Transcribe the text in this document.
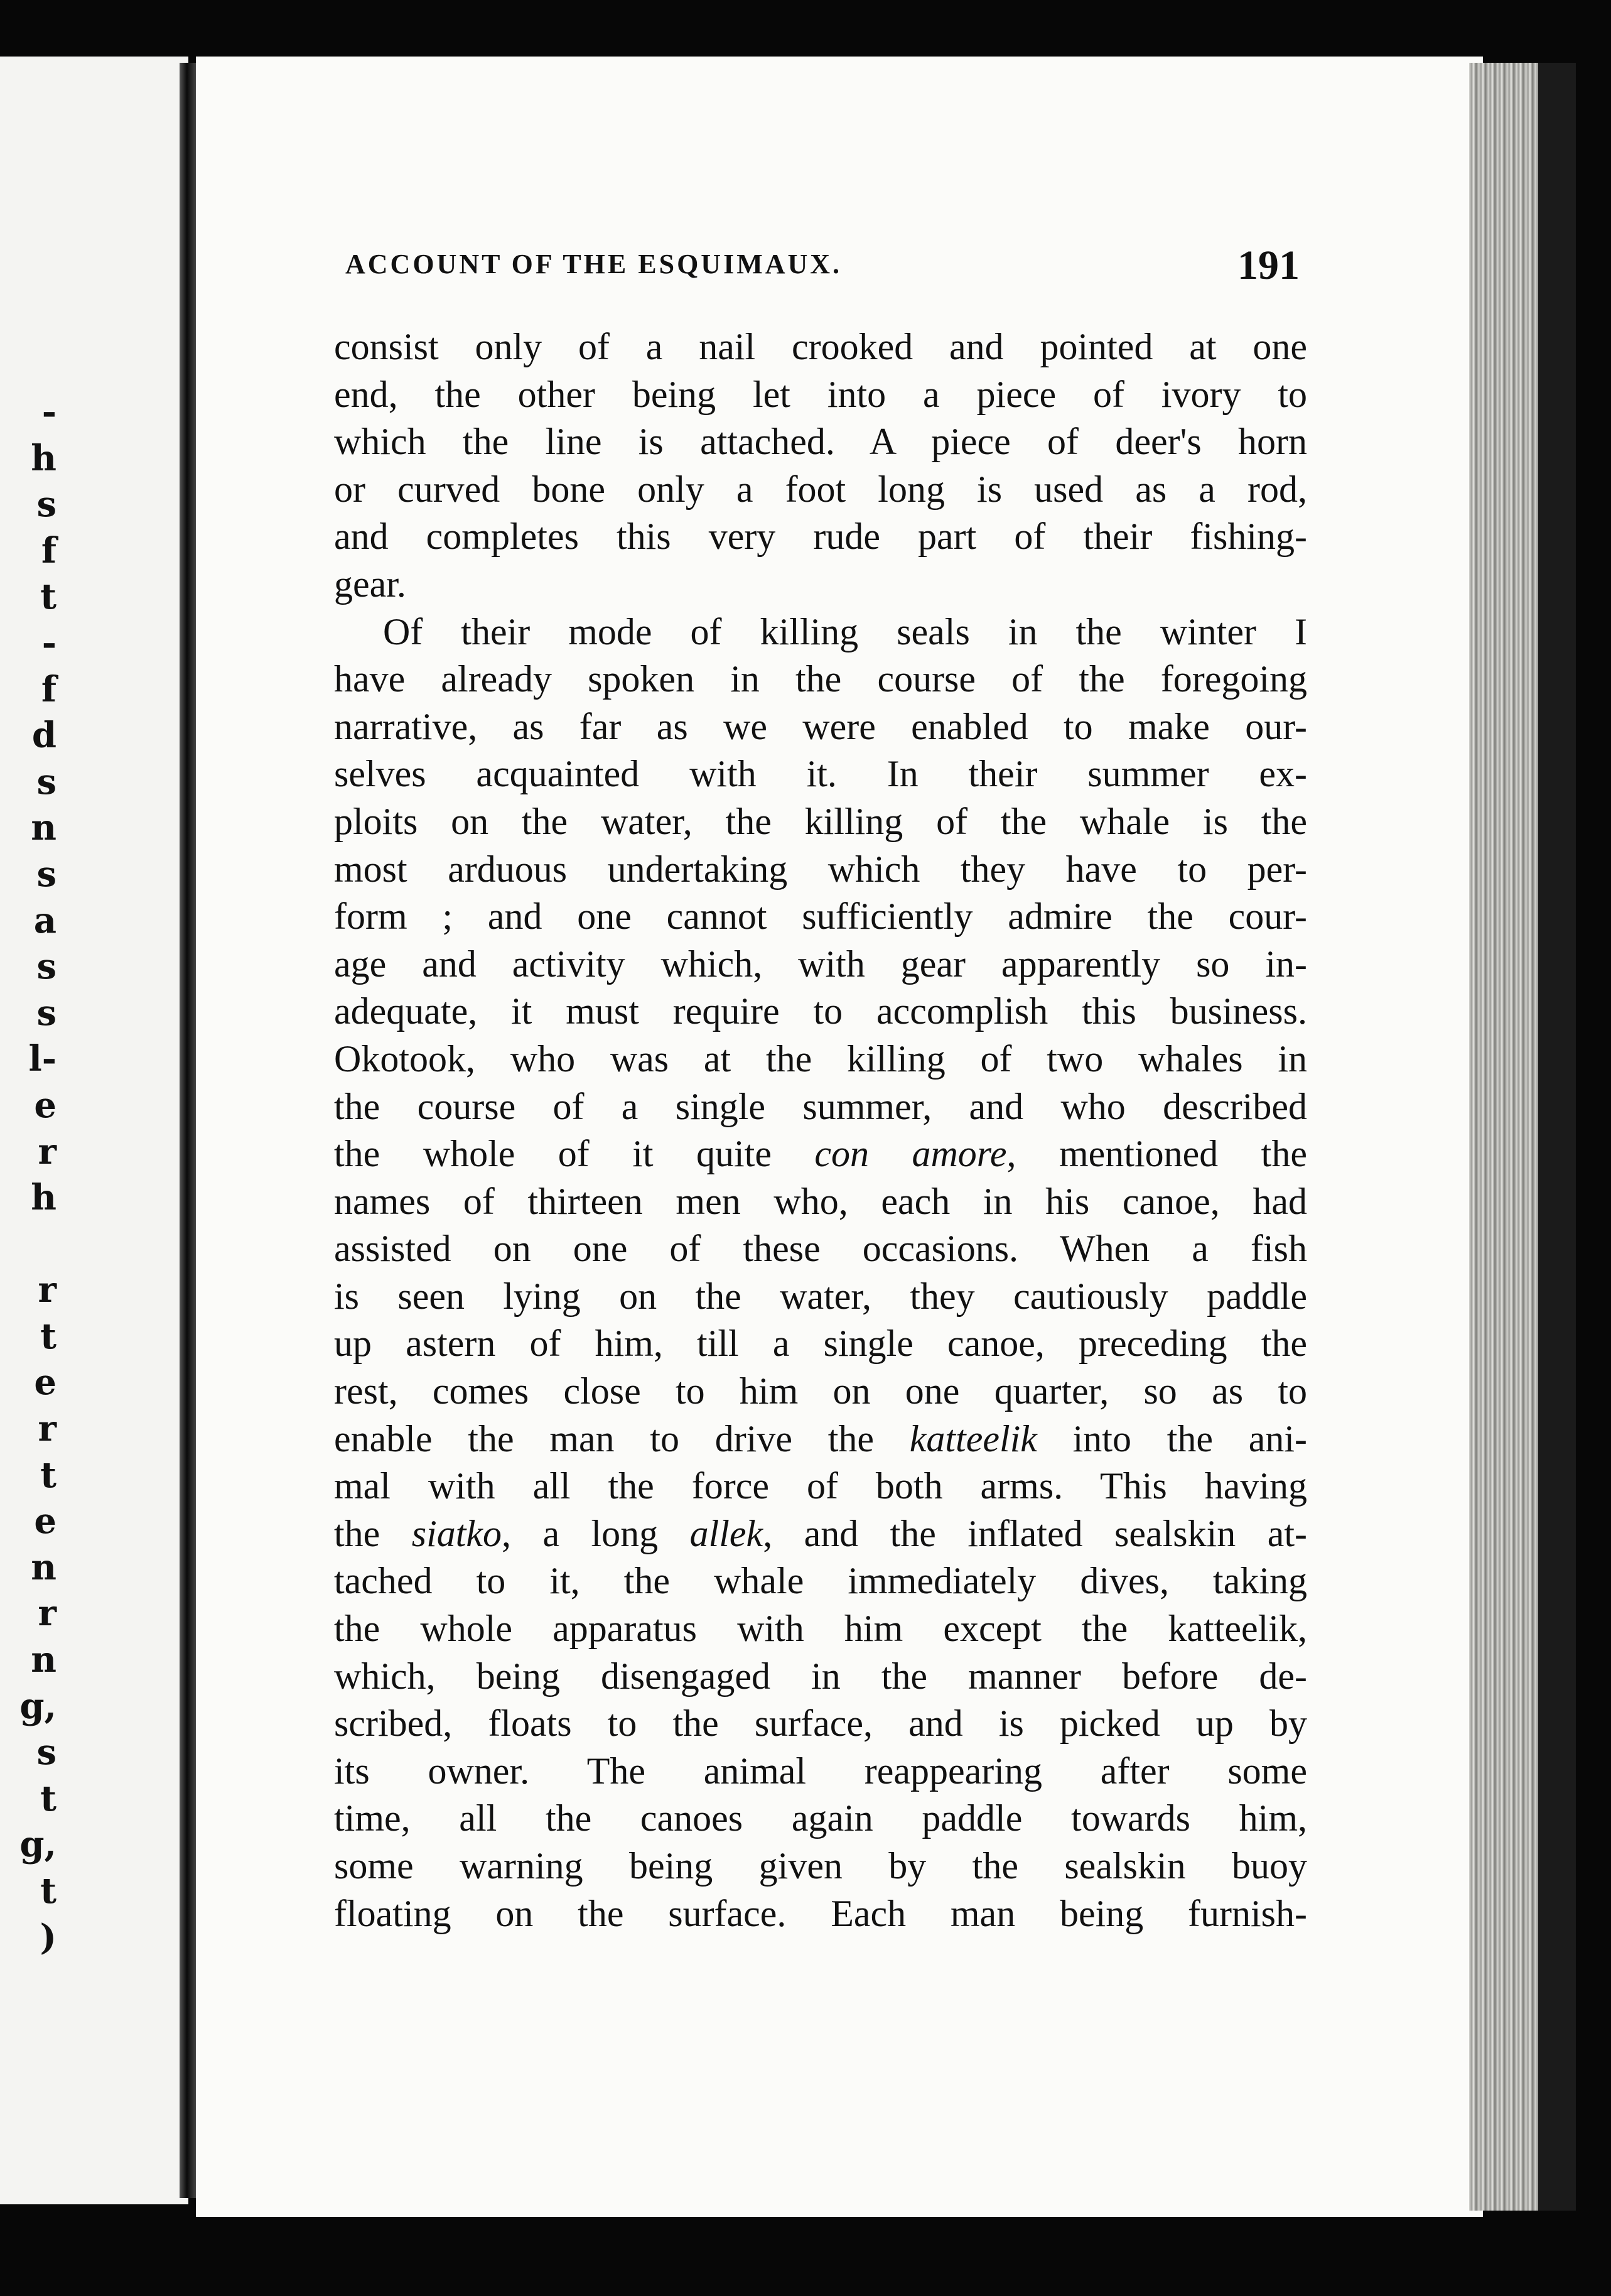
-
h
s
f
t
-
f
d
s
n
s
a
s
s
l-
e
r
h
r
t
e
r
t
e
n
r
n
g,
s
t
g,
t
)
ACCOUNT OF THE ESQUIMAUX.	191
consist only of a nail crooked and pointed at one
end, the other being let into a piece of ivory to
which the line is attached. A piece of deer's horn
or curved bone only a foot long is used as a rod,
and completes this very rude part of their fishing-
gear.
Of their mode of killing seals in the winter I
have already spoken in the course of the foregoing
narrative, as far as we were enabled to make our-
selves acquainted with it. In their summer ex-
ploits on the water, the killing of the whale is the
most arduous undertaking which they have to per-
form ; and one cannot sufficiently admire the cour-
age and activity which, with gear apparently so in-
adequate, it must require to accomplish this business.
Okotook, who was at the killing of two whales in
the course of a single summer, and who described
the whole of it quite con amore, mentioned the
names of thirteen men who, each in his canoe, had
assisted on one of these occasions. When a fish
is seen lying on the water, they cautiously paddle
up astern of him, till a single canoe, preceding the
rest, comes close to him on one quarter, so as to
enable the man to drive the katteelik into the ani-
mal with all the force of both arms. This having
the siatko, a long allek, and the inflated sealskin at-
tached to it, the whale immediately dives, taking
the whole apparatus with him except the katteelik,
which, being disengaged in the manner before de-
scribed, floats to the surface, and is picked up by
its owner. The animal reappearing after some
time, all the canoes again paddle towards him,
some warning being given by the sealskin buoy
floating on the surface. Each man being furnish-
